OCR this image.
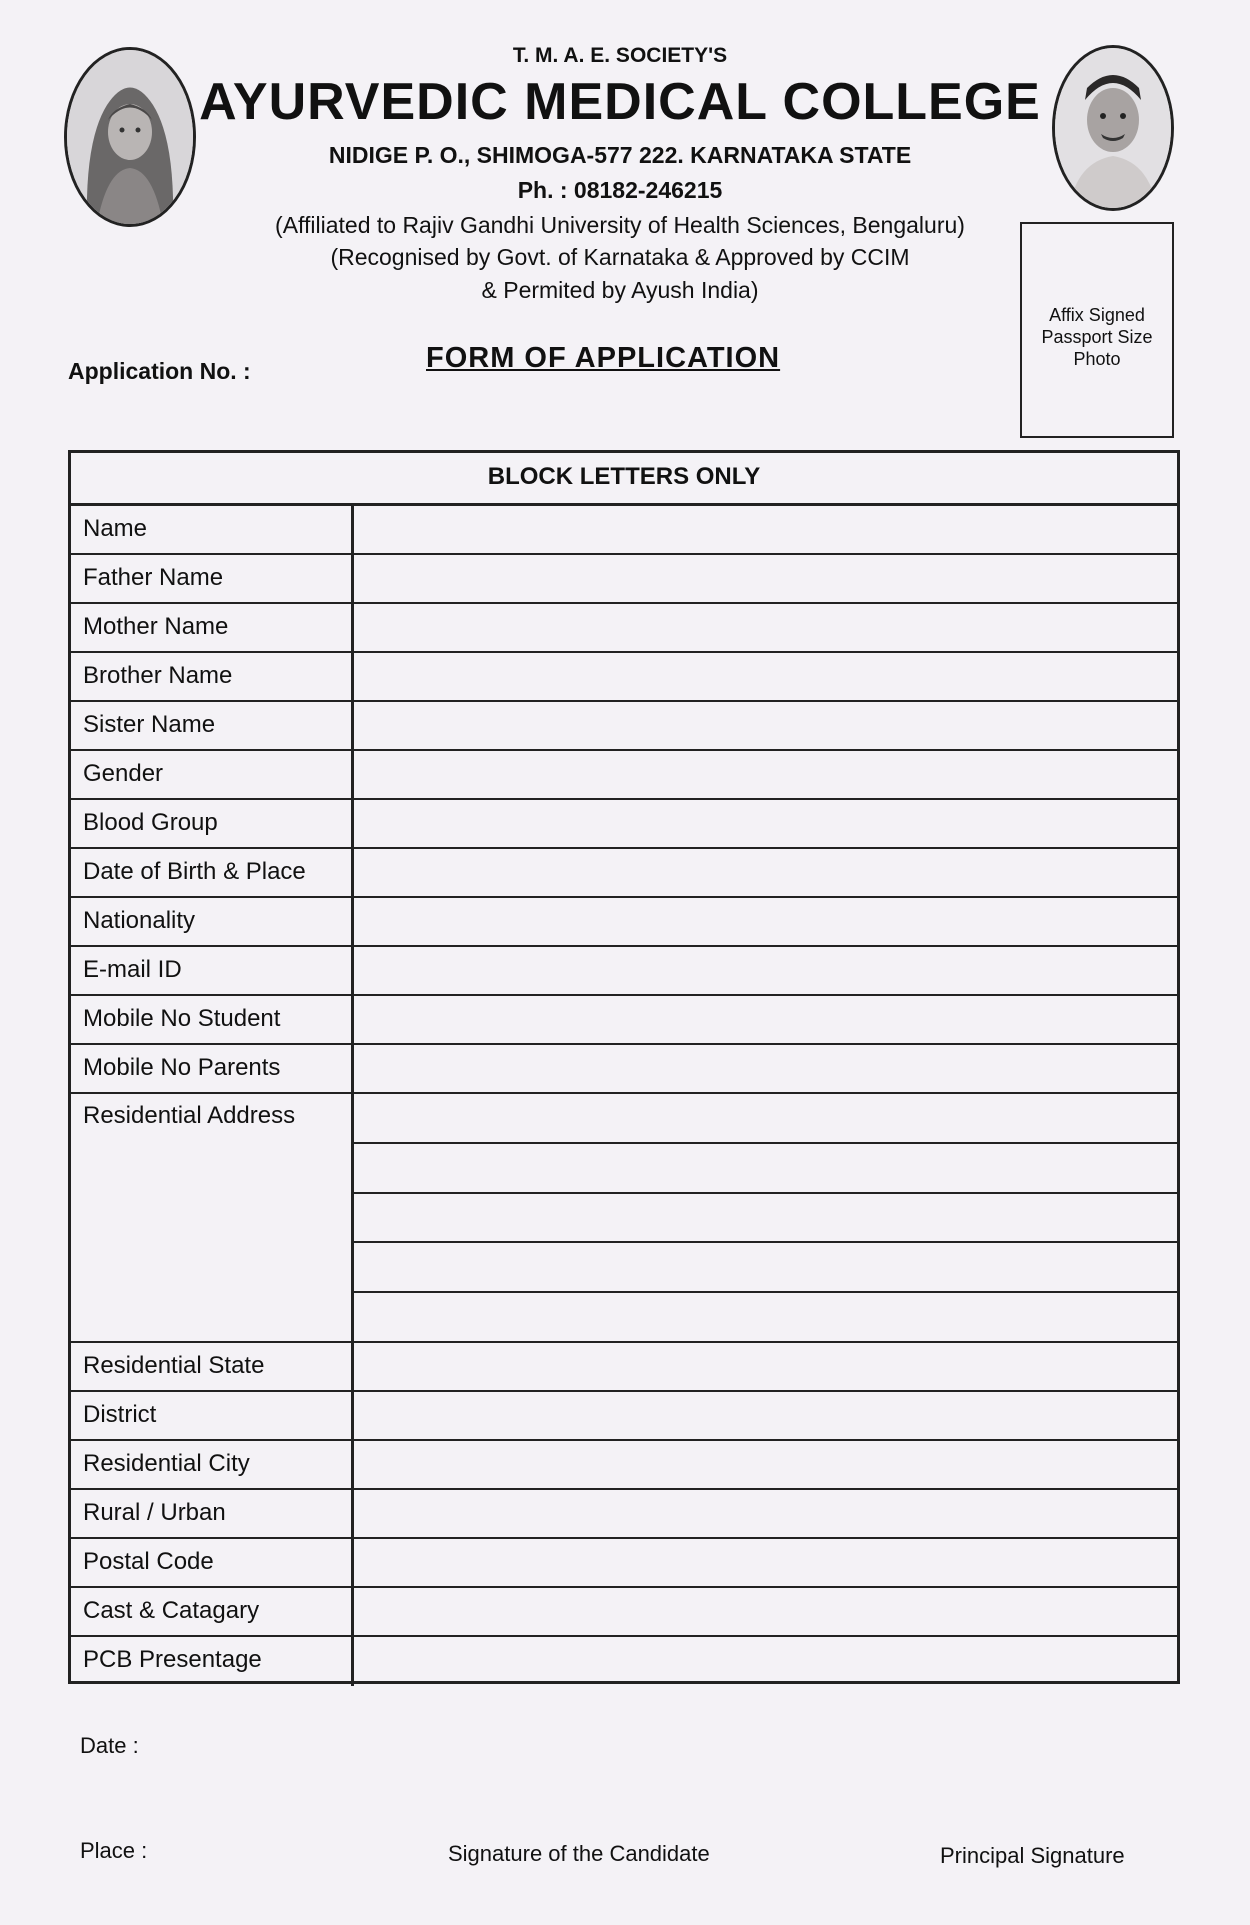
T. M. A. E. SOCIETY'S
AYURVEDIC MEDICAL COLLEGE
NIDIGE P. O., SHIMOGA-577 222. KARNATAKA STATE
Ph. : 08182-246215
(Affiliated to Rajiv Gandhi University of Health Sciences, Bengaluru)
(Recognised by Govt. of Karnataka & Approved by CCIM
& Permited by Ayush India)
Affix Signed Passport Size Photo
Application No. :	FORM OF APPLICATION
BLOCK LETTERS ONLY
Name
Father Name
Mother Name
Brother Name
Sister Name
Gender
Blood Group
Date of Birth & Place
Nationality
E-mail ID
Mobile No Student
Mobile No Parents
Residential Address
Residential State
District
Residential City
Rural / Urban
Postal Code
Cast & Catagary
PCB Presentage
Date :
Place :	Signature of the Candidate	Principal Signature
